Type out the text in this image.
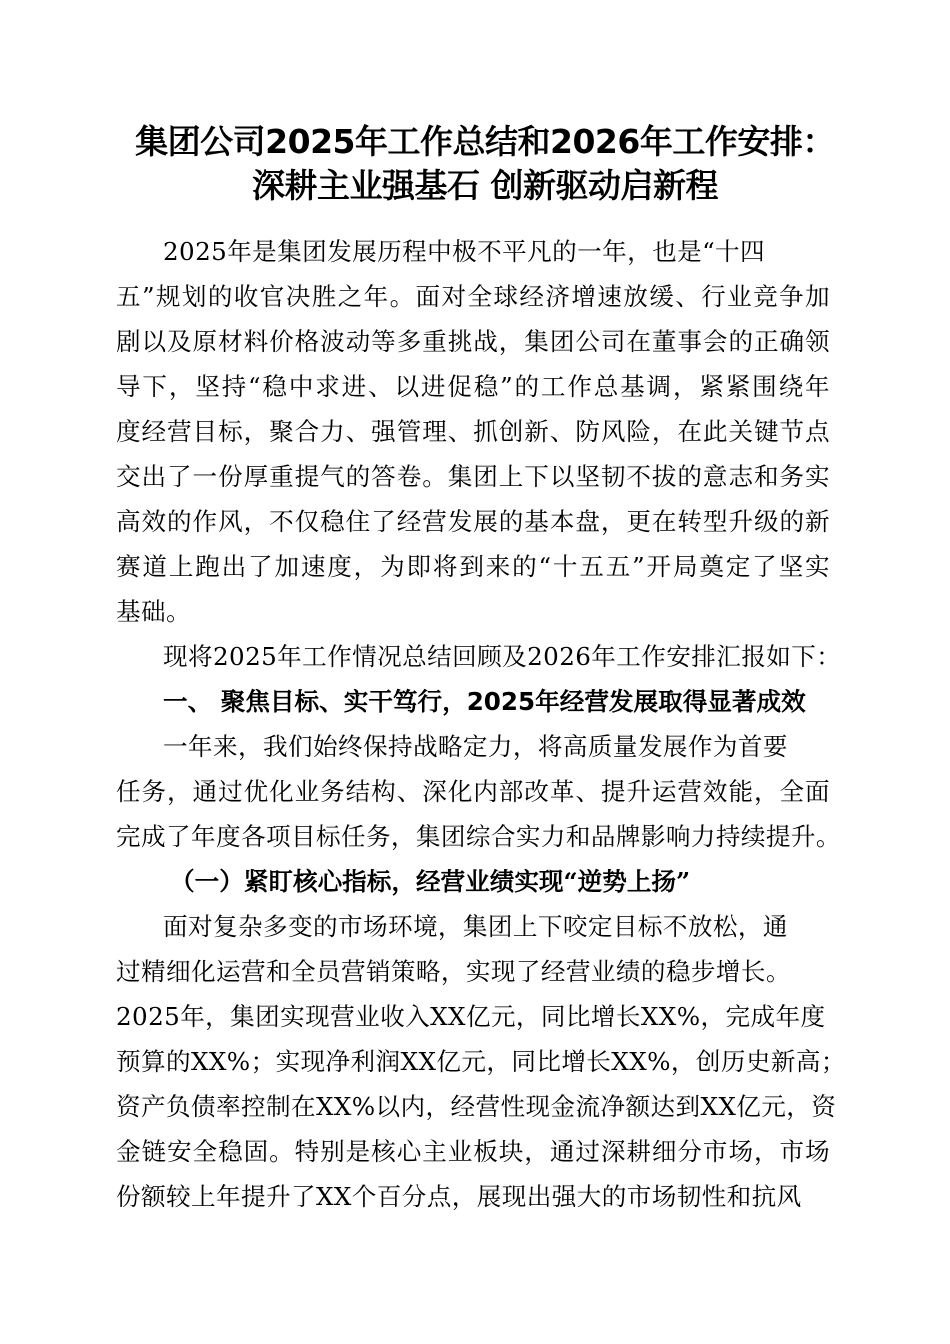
集团公司2025年工作总结和2026年工作安排：
深耕主业强基石 创新驱动启新程
2025年是集团发展历程中极不平凡的一年，也是“十四
五”规划的收官决胜之年。面对全球经济增速放缓、行业竞争加
剧以及原材料价格波动等多重挑战，集团公司在董事会的正确领
导下，坚持“稳中求进、以进促稳”的工作总基调，紧紧围绕年
度经营目标，聚合力、强管理、抓创新、防风险，在此关键节点
交出了一份厚重提气的答卷。集团上下以坚韧不拔的意志和务实
高效的作风，不仅稳住了经营发展的基本盘，更在转型升级的新
赛道上跑出了加速度，为即将到来的“十五五”开局奠定了坚实
基础。
现将2025年工作情况总结回顾及2026年工作安排汇报如下：
一、 聚焦目标、实干笃行，2025年经营发展取得显著成效
一年来，我们始终保持战略定力，将高质量发展作为首要
任务，通过优化业务结构、深化内部改革、提升运营效能，全面
完成了年度各项目标任务，集团综合实力和品牌影响力持续提升。
（一）紧盯核心指标，经营业绩实现“逆势上扬”
面对复杂多变的市场环境，集团上下咬定目标不放松，通
过精细化运营和全员营销策略，实现了经营业绩的稳步增长。
2025年，集团实现营业收入XX亿元，同比增长XX%，完成年度
预算的XX%；实现净利润XX亿元，同比增长XX%，创历史新高；
资产负债率控制在XX%以内，经营性现金流净额达到XX亿元，资
金链安全稳固。特别是核心主业板块，通过深耕细分市场，市场
份额较上年提升了XX个百分点，展现出强大的市场韧性和抗风
